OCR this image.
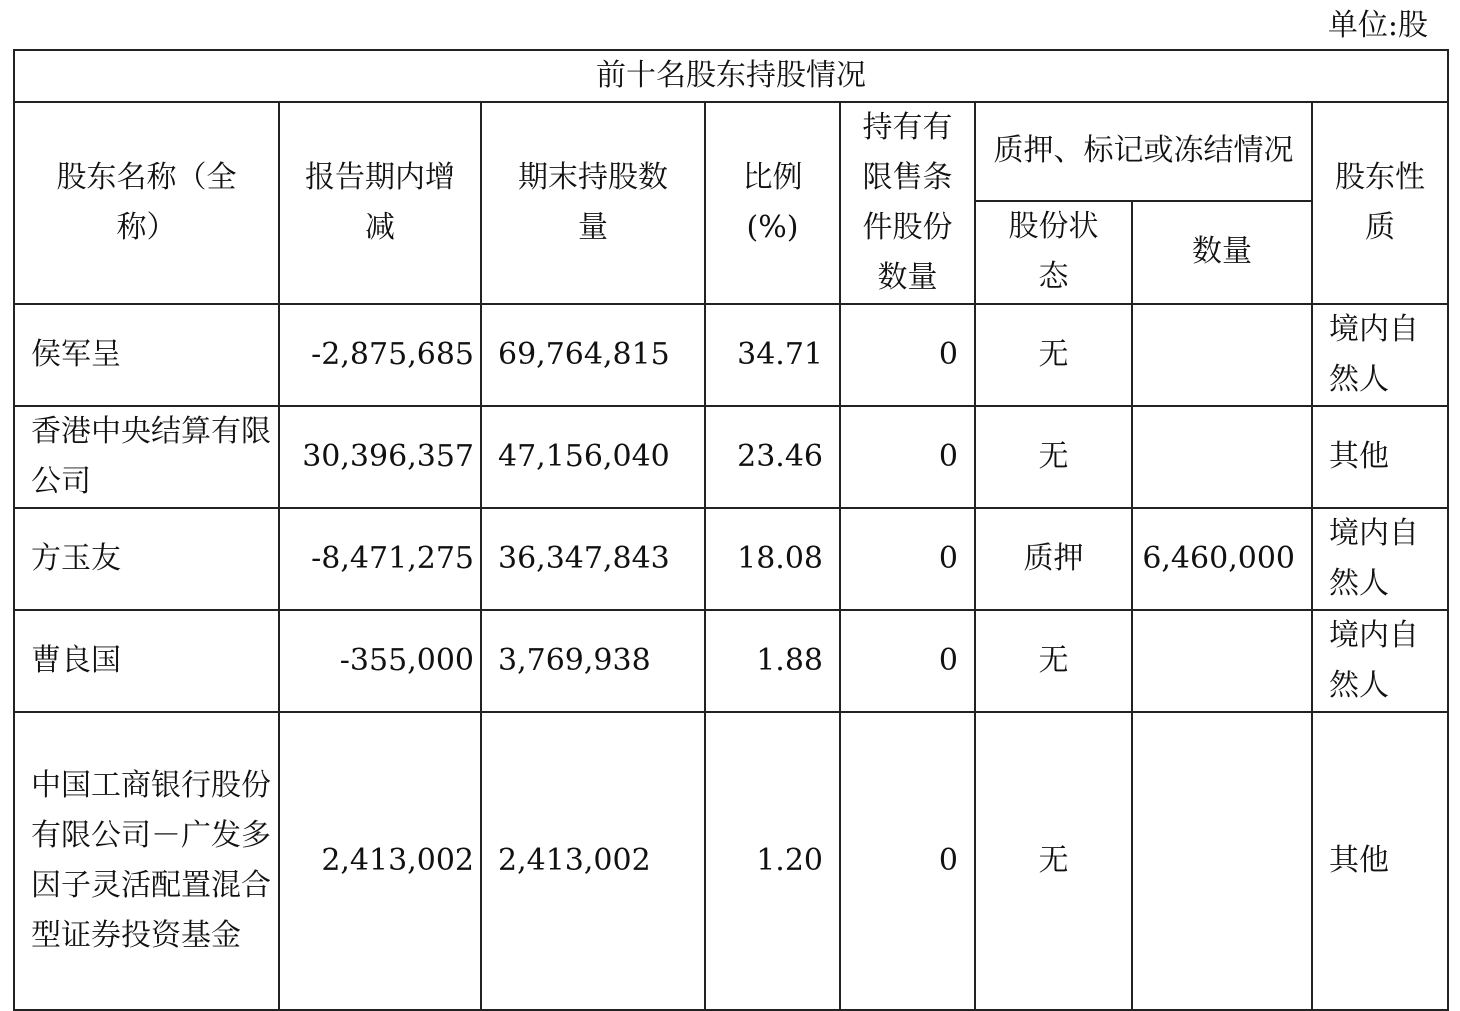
单位:股
前十名股东持股情况							
股东名称（全称）	报告期内增减	期末持股数量	比例(%)	持有有限售条件股份数量	质押、标记或冻结情况		股东性质
					股份状态	数量	
侯军呈	-2,875,685	69,764,815	34.71	0	无		境内自然人
香港中央结算有限公司	30,396,357	47,156,040	23.46	0	无		其他
方玉友	-8,471,275	36,347,843	18.08	0	质押	6,460,000	境内自然人
曹良国	-355,000	3,769,938	1.88	0	无		境内自然人
中国工商银行股份有限公司－广发多因子灵活配置混合型证券投资基金	2,413,002	2,413,002	1.20	0	无		其他
